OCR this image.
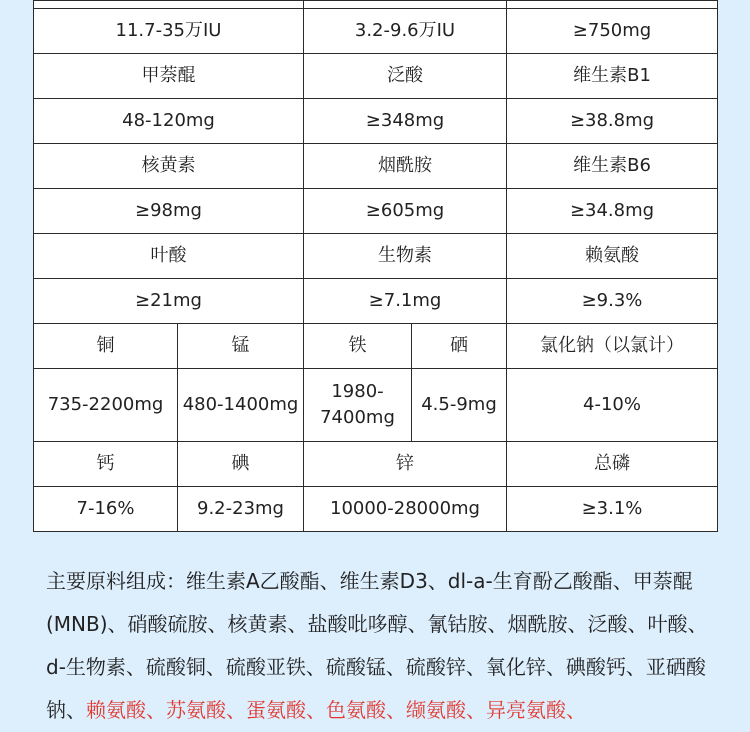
11.7-35万IU		3.2-9.6万IU		≥750mg
甲萘醌		泛酸		维生素B1
48-120mg		≥348mg		≥38.8mg
核黄素		烟酰胺		维生素B6
≥98mg		≥605mg		≥34.8mg
叶酸		生物素		赖氨酸
≥21mg		≥7.1mg		≥9.3%
铜	锰	铁	硒	氯化钠（以氯计）
735-2200mg	480-1400mg	1980-7400mg	4.5-9mg	4-10%
钙	碘	锌		总磷
7-16%	9.2-23mg	10000-28000mg		≥3.1%
主要原料组成：维生素A乙酸酯、维生素D3、dl-a-生育酚乙酸酯、甲萘醌(MNB)、硝酸硫胺、核黄素、盐酸吡哆醇、氰钴胺、烟酰胺、泛酸、叶酸、d-生物素、硫酸铜、硫酸亚铁、硫酸锰、硫酸锌、氧化锌、碘酸钙、亚硒酸钠、赖氨酸、苏氨酸、蛋氨酸、色氨酸、缬氨酸、异亮氨酸、
